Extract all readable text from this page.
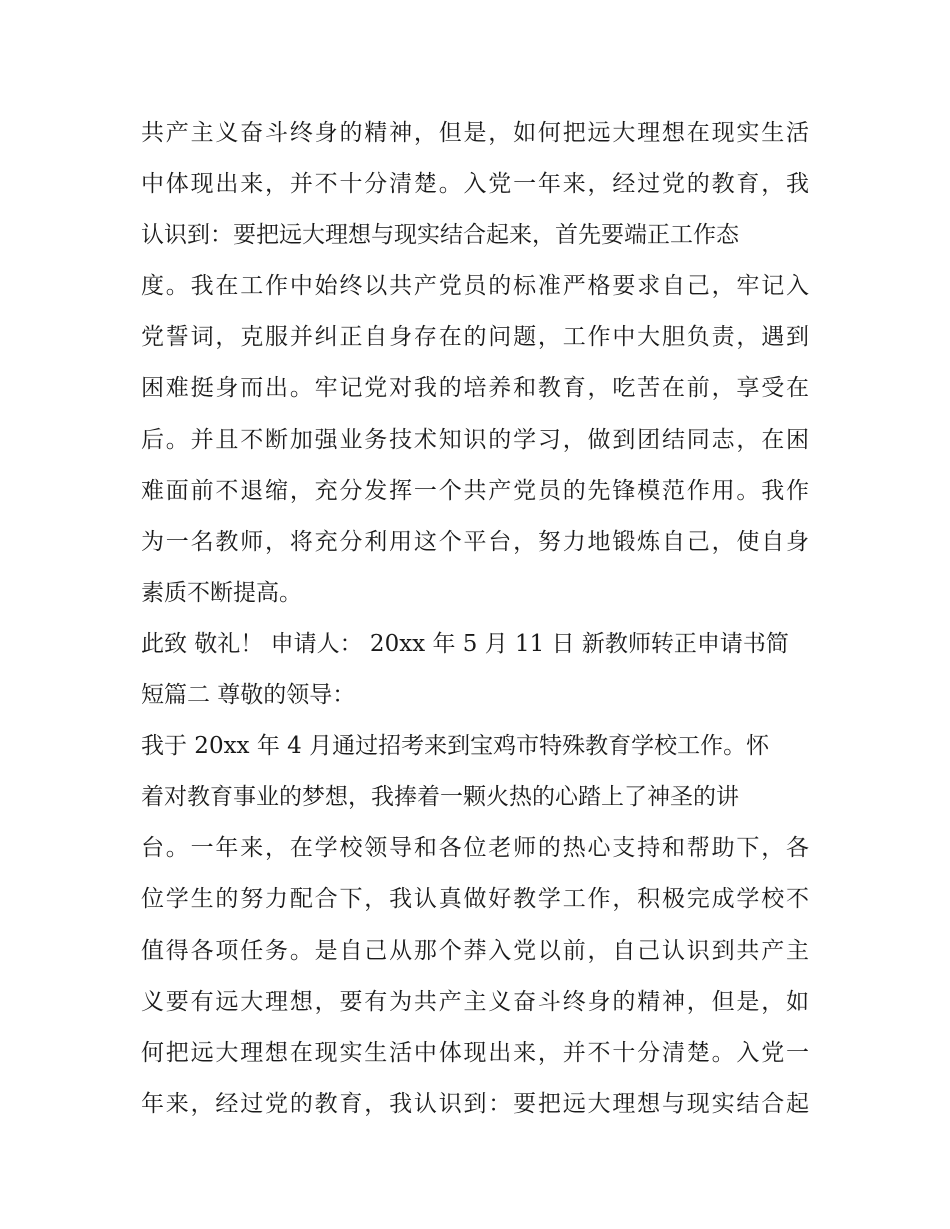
共产主义奋斗终身的精神，但是，如何把远大理想在现实生活
中体现出来，并不十分清楚。入党一年来，经过党的教育，我
认识到：要把远大理想与现实结合起来，首先要端正工作态
度。我在工作中始终以共产党员的标准严格要求自己，牢记入
党誓词，克服并纠正自身存在的问题，工作中大胆负责，遇到
困难挺身而出。牢记党对我的培养和教育，吃苦在前，享受在
后。并且不断加强业务技术知识的学习，做到团结同志，在困
难面前不退缩，充分发挥一个共产党员的先锋模范作用。我作
为一名教师，将充分利用这个平台，努力地锻炼自己，使自身
素质不断提高。
此致 敬礼！ 申请人： 20xx 年 5 月 11 日 新教师转正申请书简
短篇二 尊敬的领导：
我于 20xx 年 4 月通过招考来到宝鸡市特殊教育学校工作。怀
着对教育事业的梦想，我捧着一颗火热的心踏上了神圣的讲
台。一年来，在学校领导和各位老师的热心支持和帮助下，各
位学生的努力配合下，我认真做好教学工作，积极完成学校不
值得各项任务。是自己从那个莽入党以前，自己认识到共产主
义要有远大理想，要有为共产主义奋斗终身的精神，但是，如
何把远大理想在现实生活中体现出来，并不十分清楚。入党一
年来，经过党的教育，我认识到：要把远大理想与现实结合起
